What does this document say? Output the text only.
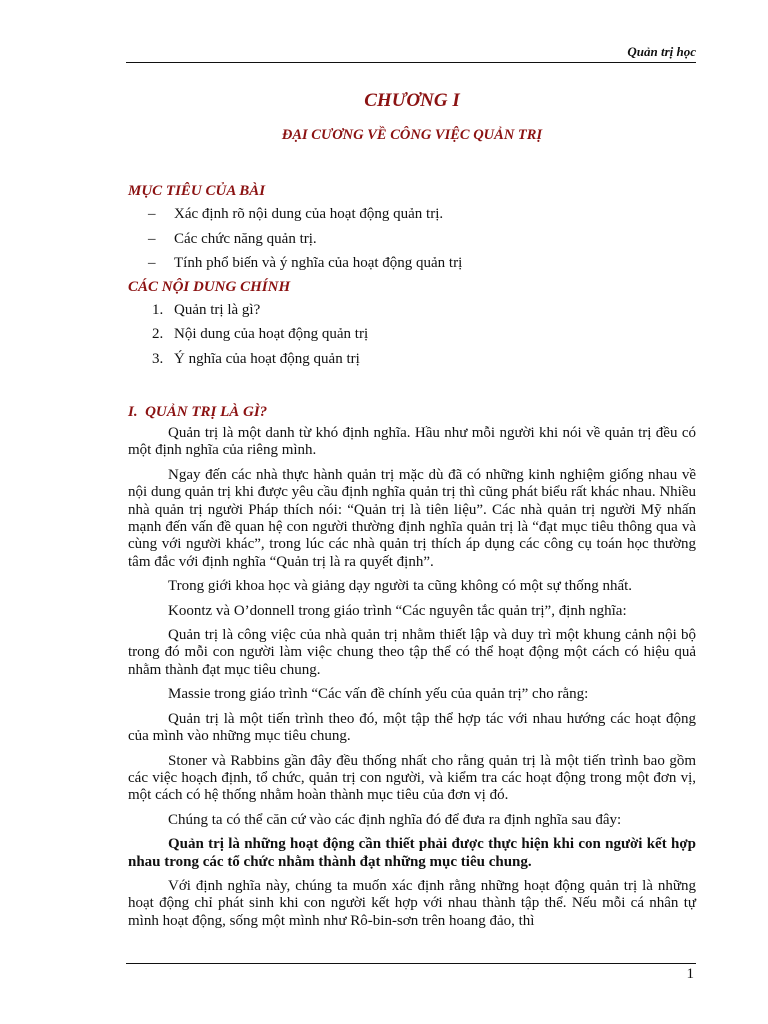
Quản trị học
CHƯƠNG I
ĐẠI CƯƠNG VỀ CÔNG VIỆC QUẢN TRỊ
MỤC TIÊU CỦA BÀI
– Xác định rõ nội dung của hoạt động quản trị.
– Các chức năng quản trị.
– Tính phổ biến và ý nghĩa của hoạt động quản trị
CÁC NỘI DUNG CHÍNH
1. Quản trị là gì?
2. Nội dung của hoạt động quản trị
3. Ý nghĩa của hoạt động quản trị
I.  QUẢN TRỊ LÀ GÌ?

Quản trị là một danh từ khó định nghĩa. Hầu như mỗi người khi nói về quản trị đều có một định nghĩa của riêng mình.

Ngay đến các nhà thực hành quản trị mặc dù đã có những kinh nghiệm giống nhau về nội dung quản trị khi được yêu cầu định nghĩa quản trị thì cũng phát biểu rất khác nhau. Nhiều nhà quản trị người Pháp thích nói: “Quản trị là tiên liệu”. Các nhà quản trị người Mỹ nhấn mạnh đến vấn đề quan hệ con người thường định nghĩa quản trị là “đạt mục tiêu thông qua và cùng với người khác”, trong lúc các nhà quản trị thích áp dụng các công cụ toán học thường tâm đắc với định nghĩa “Quản trị là ra quyết định”.

Trong giới khoa học và giảng dạy người ta cũng không có một sự thống nhất.

Koontz và O’donnell trong giáo trình “Các nguyên tắc quản trị”, định nghĩa:

Quản trị là công việc của nhà quản trị nhằm thiết lập và duy trì một khung cảnh nội bộ trong đó mỗi con người làm việc chung theo tập thể có thể hoạt động một cách có hiệu quả nhằm thành đạt mục tiêu chung.

Massie trong giáo trình “Các vấn đề chính yếu của quản trị” cho rằng:

Quản trị là một tiến trình theo đó, một tập thể hợp tác với nhau hướng các hoạt động của mình vào những mục tiêu chung.

Stoner và Rabbins gần đây đều thống nhất cho rằng quản trị là một tiến trình bao gồm các việc hoạch định, tổ chức, quản trị con người, và kiểm tra các hoạt động trong một đơn vị, một cách có hệ thống nhằm hoàn thành mục tiêu của đơn vị đó.

Chúng ta có thể căn cứ vào các định nghĩa đó để đưa ra định nghĩa sau đây:

Quản trị là những hoạt động cần thiết phải được thực hiện khi con người kết hợp nhau trong các tổ chức nhằm thành đạt những mục tiêu chung.

Với định nghĩa này, chúng ta muốn xác định rằng những hoạt động quản trị là những hoạt động chỉ phát sinh khi con người kết hợp với nhau thành tập thể. Nếu mỗi cá nhân tự mình hoạt động, sống một mình như Rô-bin-sơn trên hoang đảo, thì

1
